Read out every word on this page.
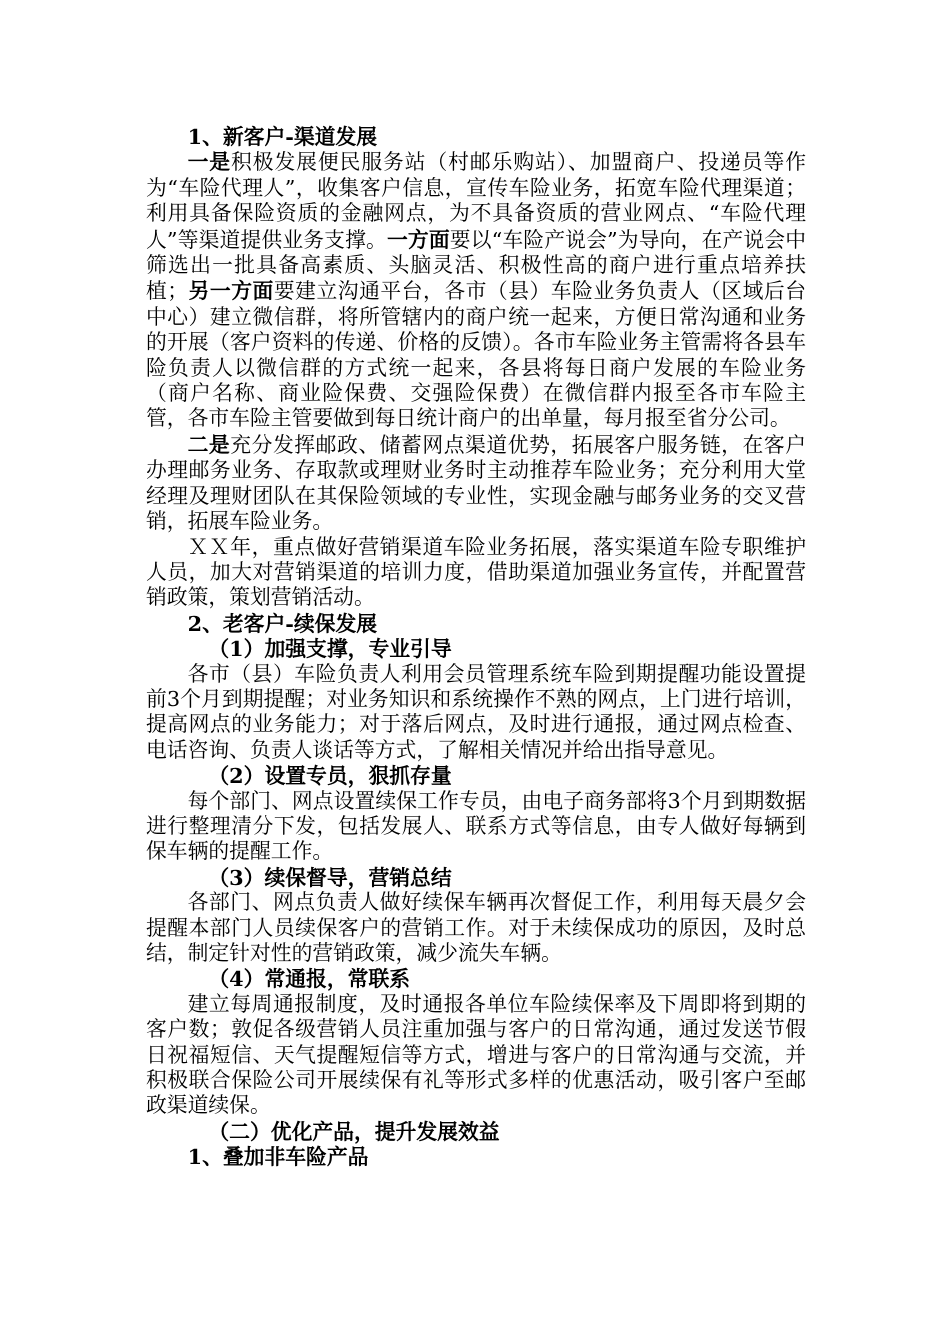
1、新客户-渠道发展

一是积极发展便民服务站（村邮乐购站）、加盟商户、投递员等作为“车险代理人”，收集客户信息，宣传车险业务，拓宽车险代理渠道；利用具备保险资质的金融网点，为不具备资质的营业网点、“车险代理人”等渠道提供业务支撑。一方面要以“车险产说会”为导向，在产说会中筛选出一批具备高素质、头脑灵活、积极性高的商户进行重点培养扶植；另一方面要建立沟通平台，各市（县）车险业务负责人（区域后台中心）建立微信群，将所管辖内的商户统一起来，方便日常沟通和业务的开展（客户资料的传递、价格的反馈）。各市车险业务主管需将各县车险负责人以微信群的方式统一起来，各县将每日商户发展的车险业务（商户名称、商业险保费、交强险保费）在微信群内报至各市车险主管，各市车险主管要做到每日统计商户的出单量，每月报至省分公司。

二是充分发挥邮政、储蓄网点渠道优势，拓展客户服务链，在客户办理邮务业务、存取款或理财业务时主动推荐车险业务；充分利用大堂经理及理财团队在其保险领域的专业性，实现金融与邮务业务的交叉营销，拓展车险业务。

ＸＸ年，重点做好营销渠道车险业务拓展，落实渠道车险专职维护人员，加大对营销渠道的培训力度，借助渠道加强业务宣传，并配置营销政策，策划营销活动。

2、老客户-续保发展

（1）加强支撑，专业引导

各市（县）车险负责人利用会员管理系统车险到期提醒功能设置提前3个月到期提醒；对业务知识和系统操作不熟的网点，上门进行培训，提高网点的业务能力；对于落后网点，及时进行通报，通过网点检查、电话咨询、负责人谈话等方式，了解相关情况并给出指导意见。

（2）设置专员，狠抓存量

每个部门、网点设置续保工作专员，由电子商务部将3个月到期数据进行整理清分下发，包括发展人、联系方式等信息，由专人做好每辆到保车辆的提醒工作。

（3）续保督导，营销总结

各部门、网点负责人做好续保车辆再次督促工作，利用每天晨夕会提醒本部门人员续保客户的营销工作。对于未续保成功的原因，及时总结，制定针对性的营销政策，减少流失车辆。

（4）常通报，常联系

建立每周通报制度，及时通报各单位车险续保率及下周即将到期的客户数；敦促各级营销人员注重加强与客户的日常沟通，通过发送节假日祝福短信、天气提醒短信等方式，增进与客户的日常沟通与交流，并积极联合保险公司开展续保有礼等形式多样的优惠活动，吸引客户至邮政渠道续保。

（二）优化产品，提升发展效益

1、叠加非车险产品
